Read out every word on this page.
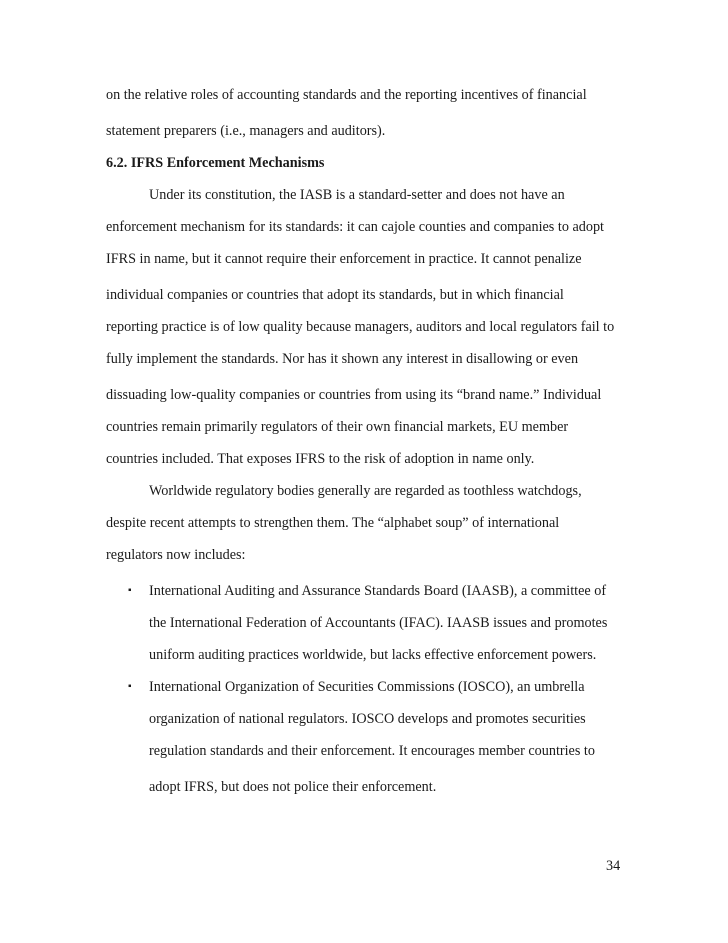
on the relative roles of accounting standards and the reporting incentives of financial
statement preparers (i.e., managers and auditors).
6.2. IFRS Enforcement Mechanisms
Under its constitution, the IASB is a standard-setter and does not have an
enforcement mechanism for its standards: it can cajole counties and companies to adopt
IFRS in name, but it cannot require their enforcement in practice. It cannot penalize
individual companies or countries that adopt its standards, but in which financial
reporting practice is of low quality because managers, auditors and local regulators fail to
fully implement the standards. Nor has it shown any interest in disallowing or even
dissuading low-quality companies or countries from using its “brand name.” Individual
countries remain primarily regulators of their own financial markets, EU member
countries included. That exposes IFRS to the risk of adoption in name only.
Worldwide regulatory bodies generally are regarded as toothless watchdogs,
despite recent attempts to strengthen them. The “alphabet soup” of international
regulators now includes:
▪ International Auditing and Assurance Standards Board (IAASB), a committee of
the International Federation of Accountants (IFAC). IAASB issues and promotes
uniform auditing practices worldwide, but lacks effective enforcement powers.
▪ International Organization of Securities Commissions (IOSCO), an umbrella
organization of national regulators. IOSCO develops and promotes securities
regulation standards and their enforcement. It encourages member countries to
adopt IFRS, but does not police their enforcement.
34
